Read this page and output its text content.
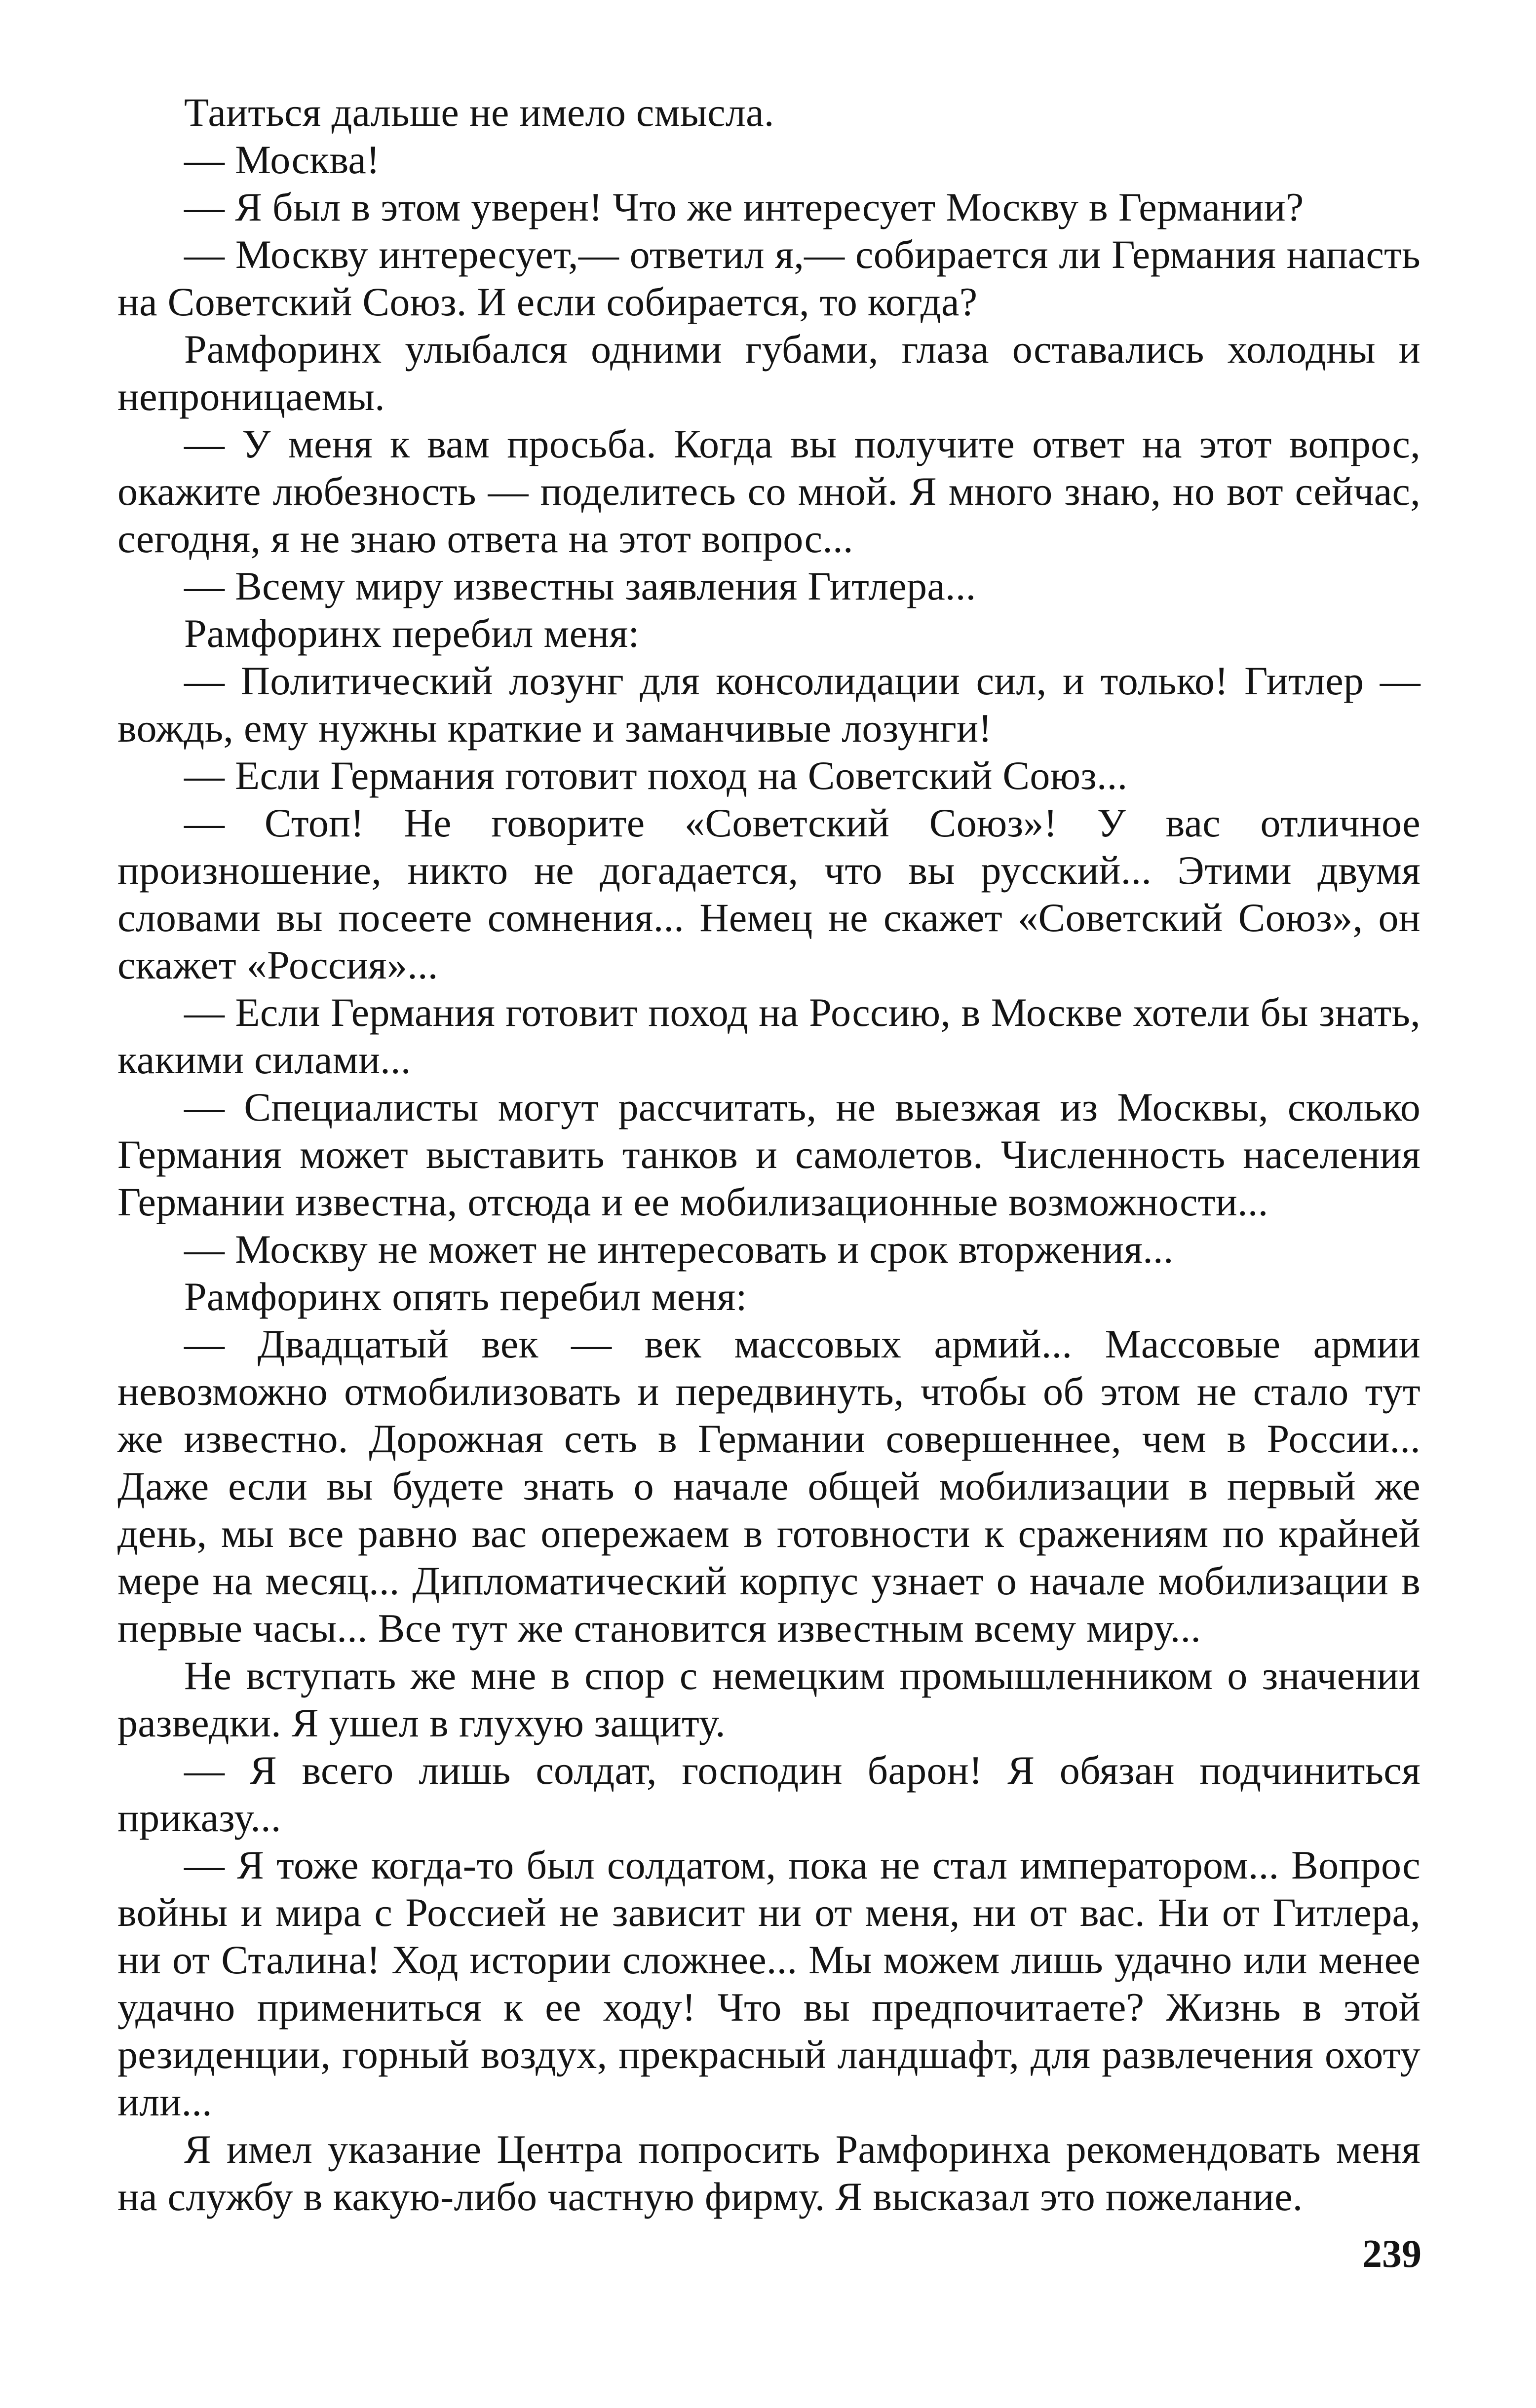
Таиться дальше не имело смысла.

— Москва!

— Я был в этом уверен! Что же интересует Москву в Германии?

— Москву интересует,— ответил я,— собирается ли Германия напасть на Советский Союз. И если собирается, то когда?

Рамфоринх улыбался одними губами, глаза оставались холодны и непроницаемы.

— У меня к вам просьба. Когда вы получите ответ на этот вопрос, окажите любезность — поделитесь со мной. Я много знаю, но вот сейчас, сегодня, я не знаю ответа на этот вопрос...

— Всему миру известны заявления Гитлера...

Рамфоринх перебил меня:

— Политический лозунг для консолидации сил, и только! Гитлер — вождь, ему нужны краткие и заманчивые лозунги!

— Если Германия готовит поход на Советский Союз...

— Стоп! Не говорите «Советский Союз»! У вас отличное произношение, никто не догадается, что вы русский... Этими двумя словами вы посеете сомнения... Немец не скажет «Советский Союз», он скажет «Россия»...

— Если Германия готовит поход на Россию, в Москве хотели бы знать, какими силами...

— Специалисты могут рассчитать, не выезжая из Москвы, сколько Германия может выставить танков и самолетов. Численность населения Германии известна, отсюда и ее мобилизационные возможности...

— Москву не может не интересовать и срок вторжения...

Рамфоринх опять перебил меня:

— Двадцатый век — век массовых армий... Массовые армии невозможно отмобилизовать и передвинуть, чтобы об этом не стало тут же известно. Дорожная сеть в Германии совершеннее, чем в России... Даже если вы будете знать о начале общей мобилизации в первый же день, мы все равно вас опережаем в готовности к сражениям по крайней мере на месяц... Дипломатический корпус узнает о начале мобилизации в первые часы... Все тут же становится известным всему миру...

Не вступать же мне в спор с немецким промышленником о значении разведки. Я ушел в глухую защиту.

— Я всего лишь солдат, господин барон! Я обязан подчиниться приказу...

— Я тоже когда-то был солдатом, пока не стал императором... Вопрос войны и мира с Россией не зависит ни от меня, ни от вас. Ни от Гитлера, ни от Сталина! Ход истории сложнее... Мы можем лишь удачно или менее удачно примениться к ее ходу! Что вы предпочитаете? Жизнь в этой резиденции, горный воздух, прекрасный ландшафт, для развлечения охоту или...

Я имел указание Центра попросить Рамфоринха рекомендовать меня на службу в какую-либо частную фирму. Я высказал это пожелание.

239
